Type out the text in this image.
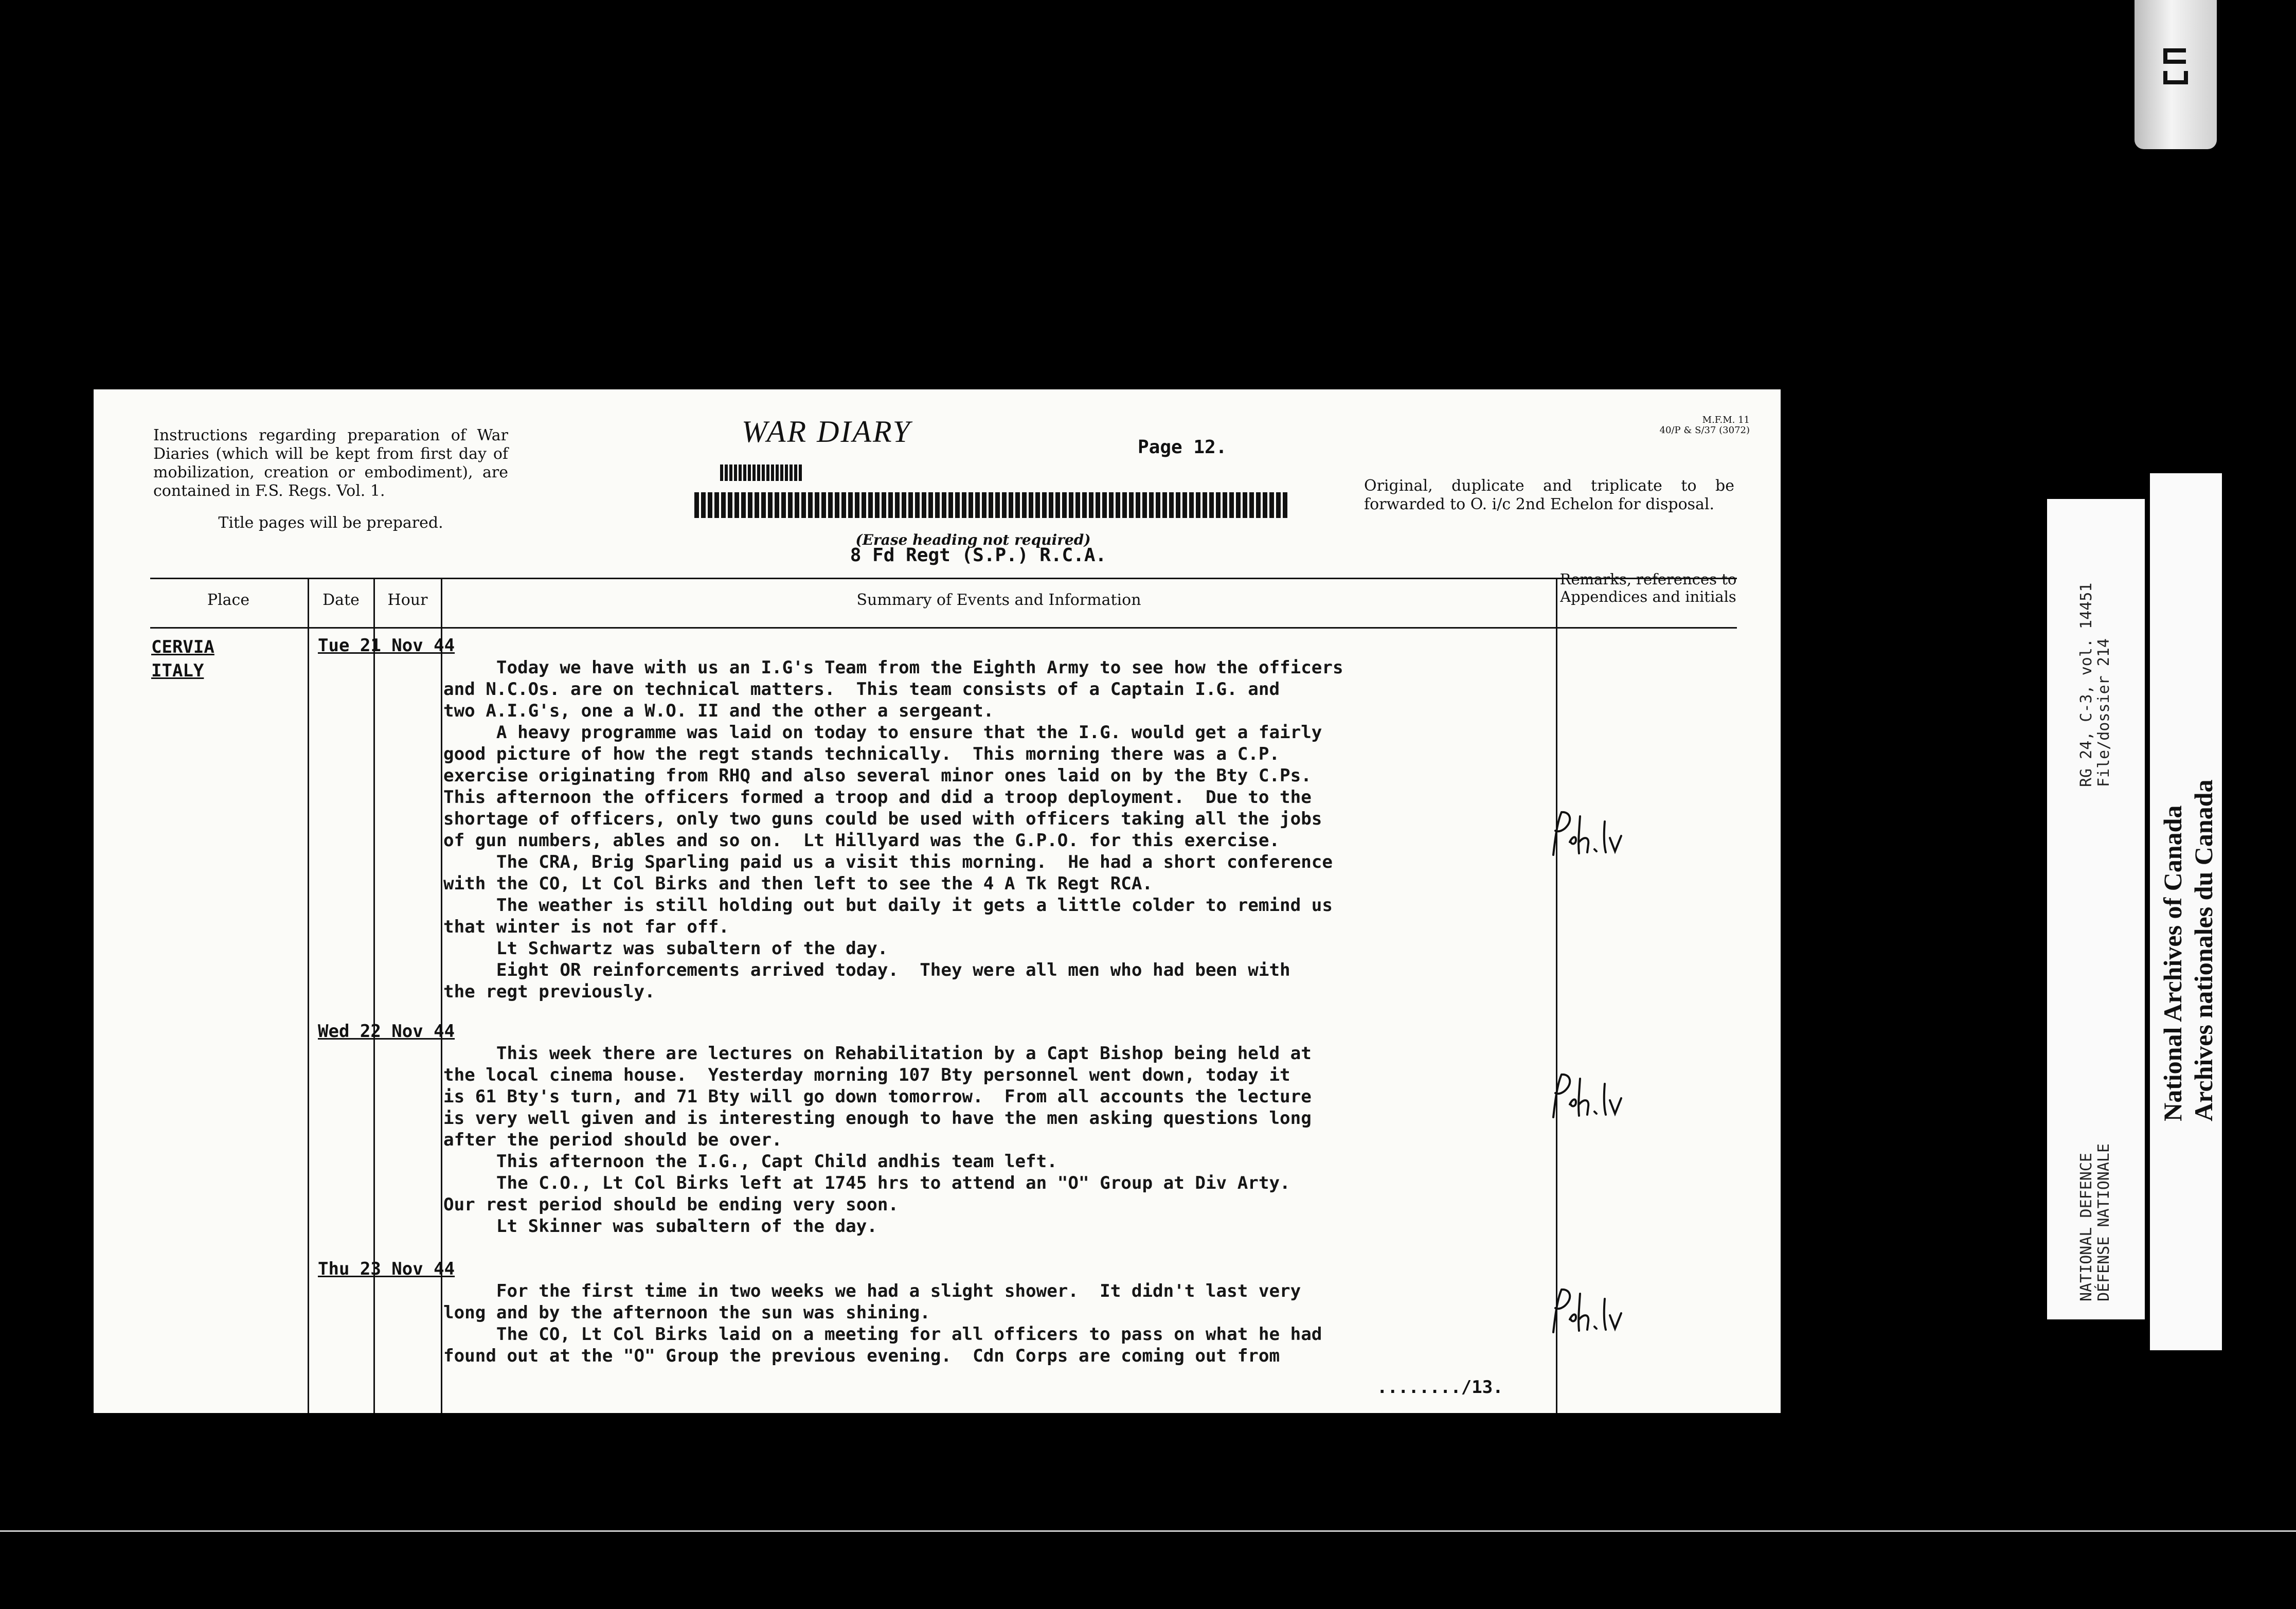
Instructions regarding preparation of War Diaries (which will be kept from first day of mobilization, creation or embodiment), are contained in F.S. Regs. Vol. 1.
Title pages will be prepared.
WAR DIARY	Page 12.
(Erase heading not required)
8 Fd Regt (S.P.) R.C.A.
M.F.M. 11
40/P & S/37 (3072)
Original, duplicate and triplicate to be forwarded to O. i/c 2nd Echelon for disposal.
Place	Date	Hour	Summary of Events and Information
Remarks, references to Appendices and initials
CERVIA
ITALY
Tue 21 Nov 44
Today we have with us an I.G's Team from the Eighth Army to see how the officers
and N.C.Os. are on technical matters.  This team consists of a Captain I.G. and
two A.I.G's, one a W.O. II and the other a sergeant.
A heavy programme was laid on today to ensure that the I.G. would get a fairly
good picture of how the regt stands technically.  This morning there was a C.P.
exercise originating from RHQ and also several minor ones laid on by the Bty C.Ps.
This afternoon the officers formed a troop and did a troop deployment.  Due to the
shortage of officers, only two guns could be used with officers taking all the jobs
of gun numbers, ables and so on.  Lt Hillyard was the G.P.O. for this exercise.
The CRA, Brig Sparling paid us a visit this morning.  He had a short conference
with the CO, Lt Col Birks and then left to see the 4 A Tk Regt RCA.
The weather is still holding out but daily it gets a little colder to remind us
that winter is not far off.
Lt Schwartz was subaltern of the day.
Eight OR reinforcements arrived today.  They were all men who had been with
the regt previously.
Wed 22 Nov 44
This week there are lectures on Rehabilitation by a Capt Bishop being held at
the local cinema house.  Yesterday morning 107 Bty personnel went down, today it
is 61 Bty's turn, and 71 Bty will go down tomorrow.  From all accounts the lecture
is very well given and is interesting enough to have the men asking questions long
after the period should be over.
This afternoon the I.G., Capt Child andhis team left.
The C.O., Lt Col Birks left at 1745 hrs to attend an "O" Group at Div Arty.
Our rest period should be ending very soon.
Lt Skinner was subaltern of the day.
Thu 23 Nov 44
For the first time in two weeks we had a slight shower.  It didn't last very
long and by the afternoon the sun was shining.
The CO, Lt Col Birks laid on a meeting for all officers to pass on what he had
found out at the "O" Group the previous evening.  Cdn Corps are coming out from
......../13.
RG 24, C-3, vol. 14451 File/dossier 214
NATIONAL DEFENCE DÉFENSE NATIONALE
National Archives of Canada Archives nationales du Canada
